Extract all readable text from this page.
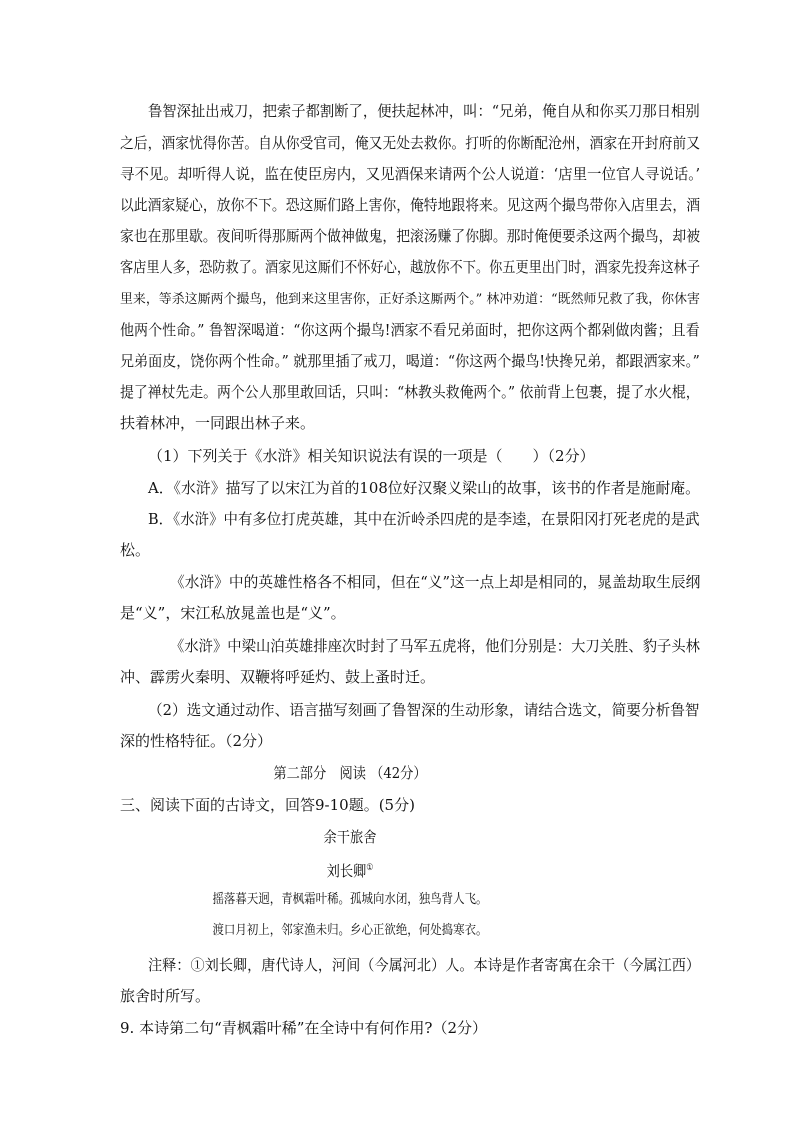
鲁智深扯出戒刀，把索子都割断了，便扶起林冲，叫：“兄弟，俺自从和你买刀那日相别
之后，酒家忧得你苦。自从你受官司，俺又无处去救你。打听的你断配沧州，酒家在开封府前又
寻不见。却听得人说，监在使臣房内，又见酒保来请两个公人说道：‘店里一位官人寻说话。’
以此酒家疑心，放你不下。恐这厮们路上害你，俺特地跟将来。见这两个撮鸟带你入店里去，酒
家也在那里歇。夜间听得那厮两个做神做鬼，把滚汤赚了你脚。那时俺便要杀这两个撮鸟，却被
客店里人多，恐防救了。酒家见这厮们不怀好心，越放你不下。你五更里出门时，酒家先投奔这林子
里来，等杀这厮两个撮鸟，他到来这里害你，正好杀这厮两个。” 林冲劝道：“既然师兄救了我，你休害
他两个性命。” 鲁智深喝道：“你这两个撮鸟!洒家不看兄弟面时，把你这两个都剁做肉酱；且看
兄弟面皮，饶你两个性命。” 就那里插了戒刀，喝道：“你这两个撮鸟!快搀兄弟，都跟洒家来。”
提了禅杖先走。两个公人那里敢回话，只叫：“林教头救俺两个。” 依前背上包裹，提了水火棍，
扶着林冲，一同跟出林子来。
（1）下列关于《水浒》相关知识说法有误的一项是（　　）（2分）
A．《水浒》描写了以宋江为首的108位好汉聚义梁山的故事，该书的作者是施耐庵。
B．《水浒》中有多位打虎英雄，其中在沂岭杀四虎的是李逵，在景阳冈打死老虎的是武
松。
《水浒》中的英雄性格各不相同，但在“义”这一点上却是相同的，晁盖劫取生辰纲
是“义”，宋江私放晁盖也是“义”。
《水浒》中梁山泊英雄排座次时封了马军五虎将，他们分别是：大刀关胜、豹子头林
冲、霹雳火秦明、双鞭将呼延灼、鼓上蚤时迁。
（2）选文通过动作、语言描写刻画了鲁智深的生动形象，请结合选文，简要分析鲁智
深的性格特征。（2分）
第二部分　阅读 （42分）
三、阅读下面的古诗文，回答9-10题。(5分)
余干旅舍
刘长卿①
摇落暮天迥，青枫霜叶稀。孤城向水闭，独鸟背人飞。
渡口月初上，邻家渔未归。乡心正欲绝，何处捣寒衣。
注释：①刘长卿，唐代诗人，河间（今属河北）人。本诗是作者寄寓在余干（今属江西）
旅舍时所写。
9. 本诗第二句“青枫霜叶稀”在全诗中有何作用?（2分）
